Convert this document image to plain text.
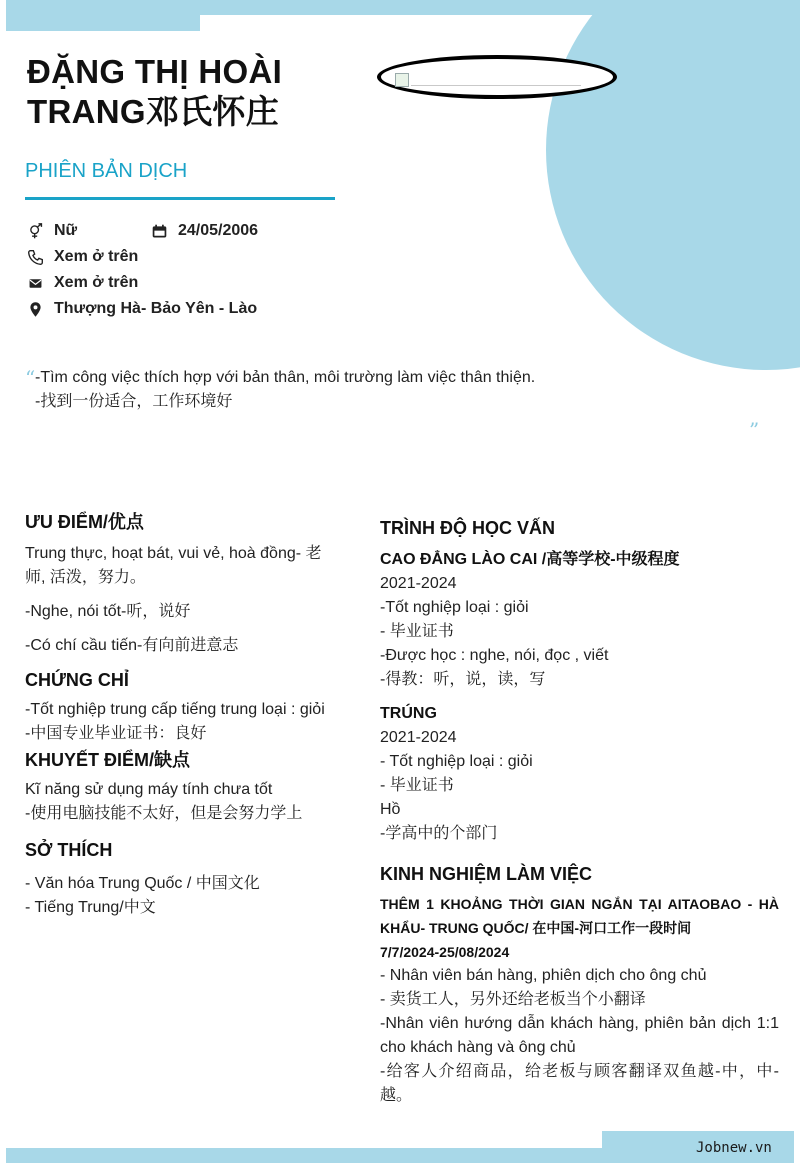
Jobnew.vn
ĐẶNG THỊ HOÀI
TRANG邓氏怀庄
PHIÊN BẢN DỊCH
Nữ	24/05/2006
Xem ở trên
Xem ở trên
Thượng Hà- Bảo Yên - Lào
“ -Tìm công việc thích hợp với bản thân, môi trường làm việc thân thiện.
-找到一份适合，工作环境好
”
ƯU ĐIỂM/优点
Trung thực, hoạt bát, vui vẻ, hoà đồng- 老师, 活泼，努力。
-Nghe, nói tốt-听，说好
-Có chí cầu tiến-有向前进意志
CHỨNG CHỈ
-Tốt nghiệp trung cấp tiếng trung loại : giỏi
-中国专业毕业证书：良好
KHUYẾT ĐIỂM/缺点
Kĩ năng sử dụng máy tính chưa tốt
-使用电脑技能不太好，但是会努力学上
SỞ THÍCH
- Văn hóa Trung Quốc / 中国文化
- Tiếng Trung/中文
TRÌNH ĐỘ HỌC VẤN
CAO ĐẲNG LÀO CAI /高等学校-中级程度
2021-2024
-Tốt nghiệp loại : giỏi
- 毕业证书
-Được học : nghe, nói, đọc , viết
-得教：听，说，读，写
TRÚNG
2021-2024
- Tốt nghiệp loại : giỏi
- 毕业证书
Hồ
-学高中的个部门
KINH NGHIỆM LÀM VIỆC
THÊM 1 KHOẢNG THỜI GIAN NGẮN TẠI AITAOBAO - HÀ KHẨU- TRUNG QUỐC/ 在中国-河口工作一段时间
7/7/2024-25/08/2024
- Nhân viên bán hàng, phiên dịch cho ông chủ
- 卖货工人，另外还给老板当个小翻译
-Nhân viên hướng dẫn khách hàng, phiên bản dịch 1:1 cho khách hàng và ông chủ
-给客人介绍商品，给老板与顾客翻译双鱼越-中，中-越。
